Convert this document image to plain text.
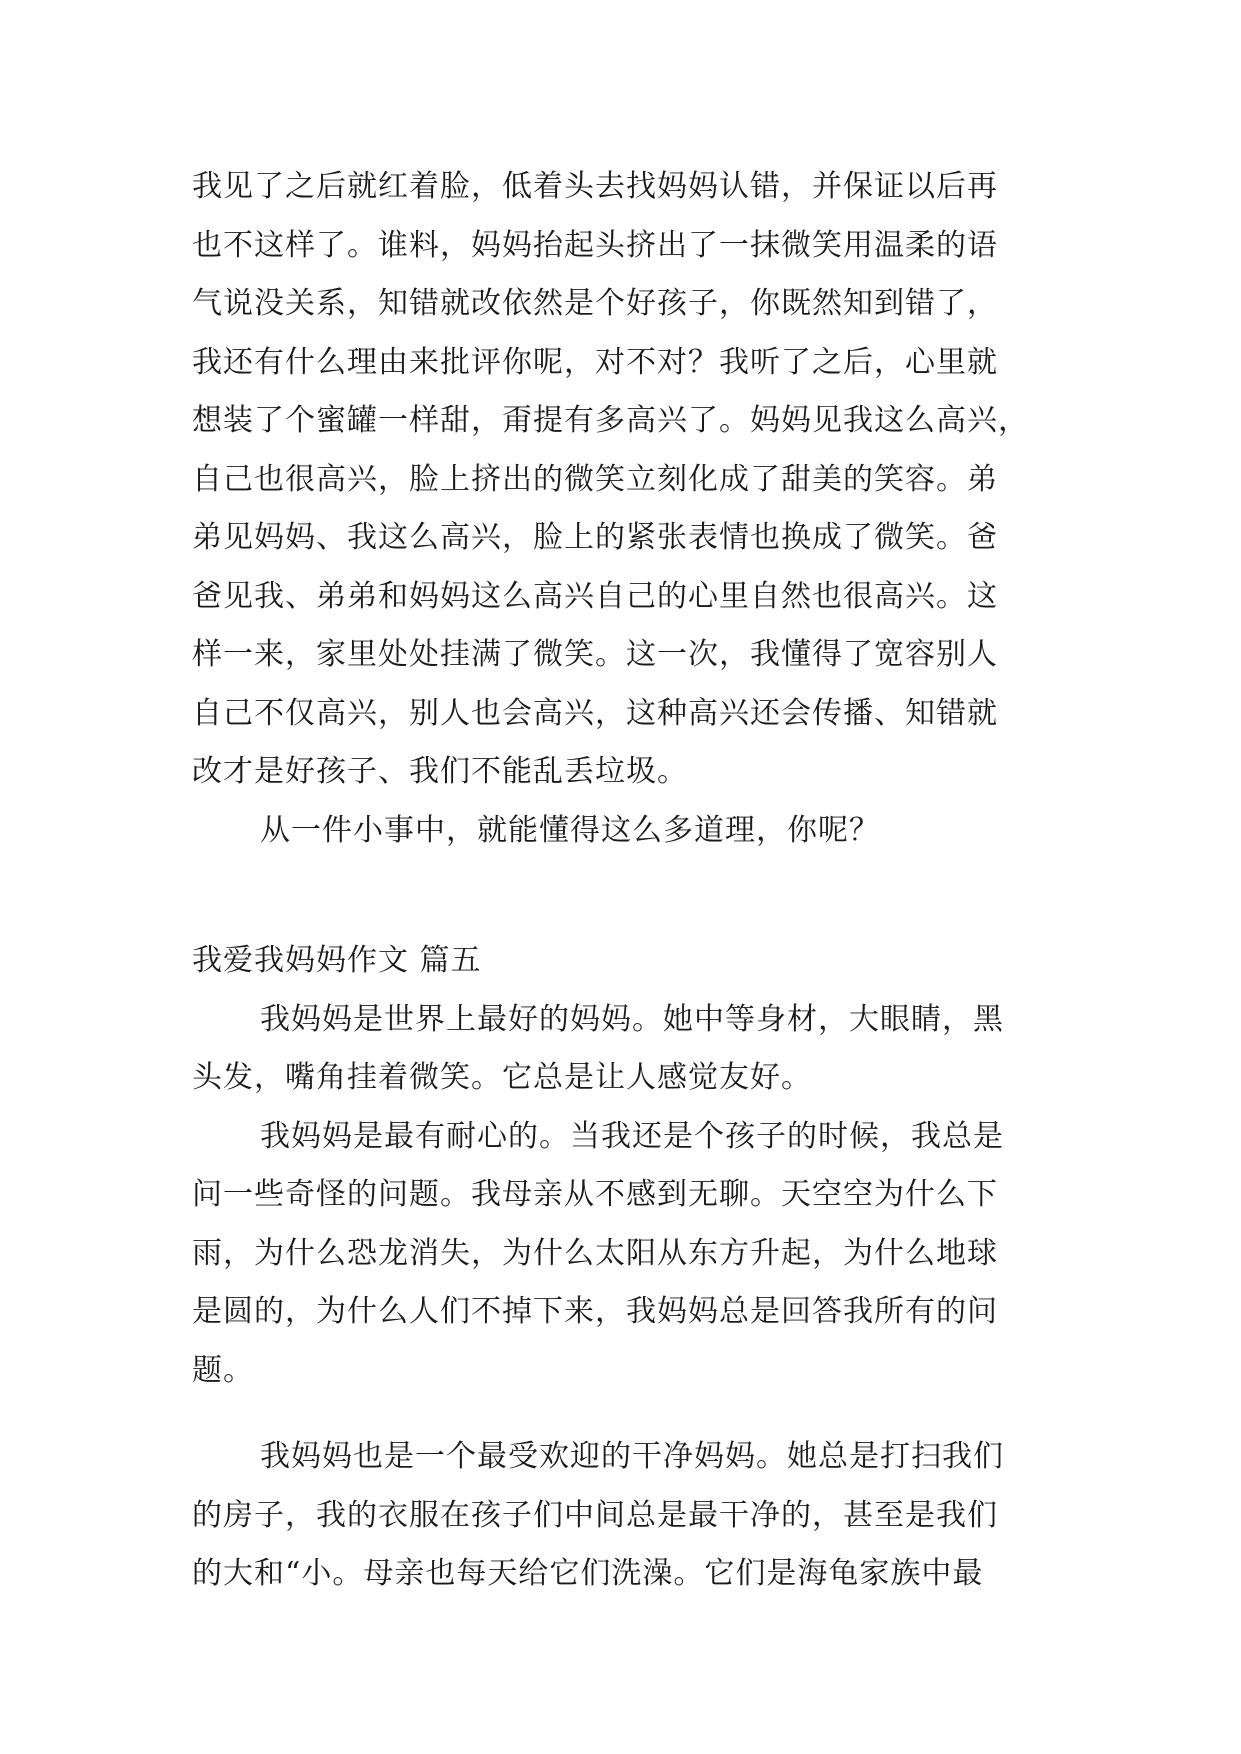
我见了之后就红着脸，低着头去找妈妈认错，并保证以后再
也不这样了。谁料，妈妈抬起头挤出了一抹微笑用温柔的语
气说没关系，知错就改依然是个好孩子，你既然知到错了，
我还有什么理由来批评你呢，对不对？我听了之后，心里就
想装了个蜜罐一样甜，甭提有多高兴了。妈妈见我这么高兴，
自己也很高兴，脸上挤出的微笑立刻化成了甜美的笑容。弟
弟见妈妈、我这么高兴，脸上的紧张表情也换成了微笑。爸
爸见我、弟弟和妈妈这么高兴自己的心里自然也很高兴。这
样一来，家里处处挂满了微笑。这一次，我懂得了宽容别人
自己不仅高兴，别人也会高兴，这种高兴还会传播、知错就
改才是好孩子、我们不能乱丢垃圾。
从一件小事中，就能懂得这么多道理，你呢？
我爱我妈妈作文 篇五
我妈妈是世界上最好的妈妈。她中等身材，大眼睛，黑
头发，嘴角挂着微笑。它总是让人感觉友好。
我妈妈是最有耐心的。当我还是个孩子的时候，我总是
问一些奇怪的问题。我母亲从不感到无聊。天空空为什么下
雨，为什么恐龙消失，为什么太阳从东方升起，为什么地球
是圆的，为什么人们不掉下来，我妈妈总是回答我所有的问
题。
我妈妈也是一个最受欢迎的干净妈妈。她总是打扫我们
的房子，我的衣服在孩子们中间总是最干净的，甚至是我们
的大和“小。母亲也每天给它们洗澡。它们是海龟家族中最
